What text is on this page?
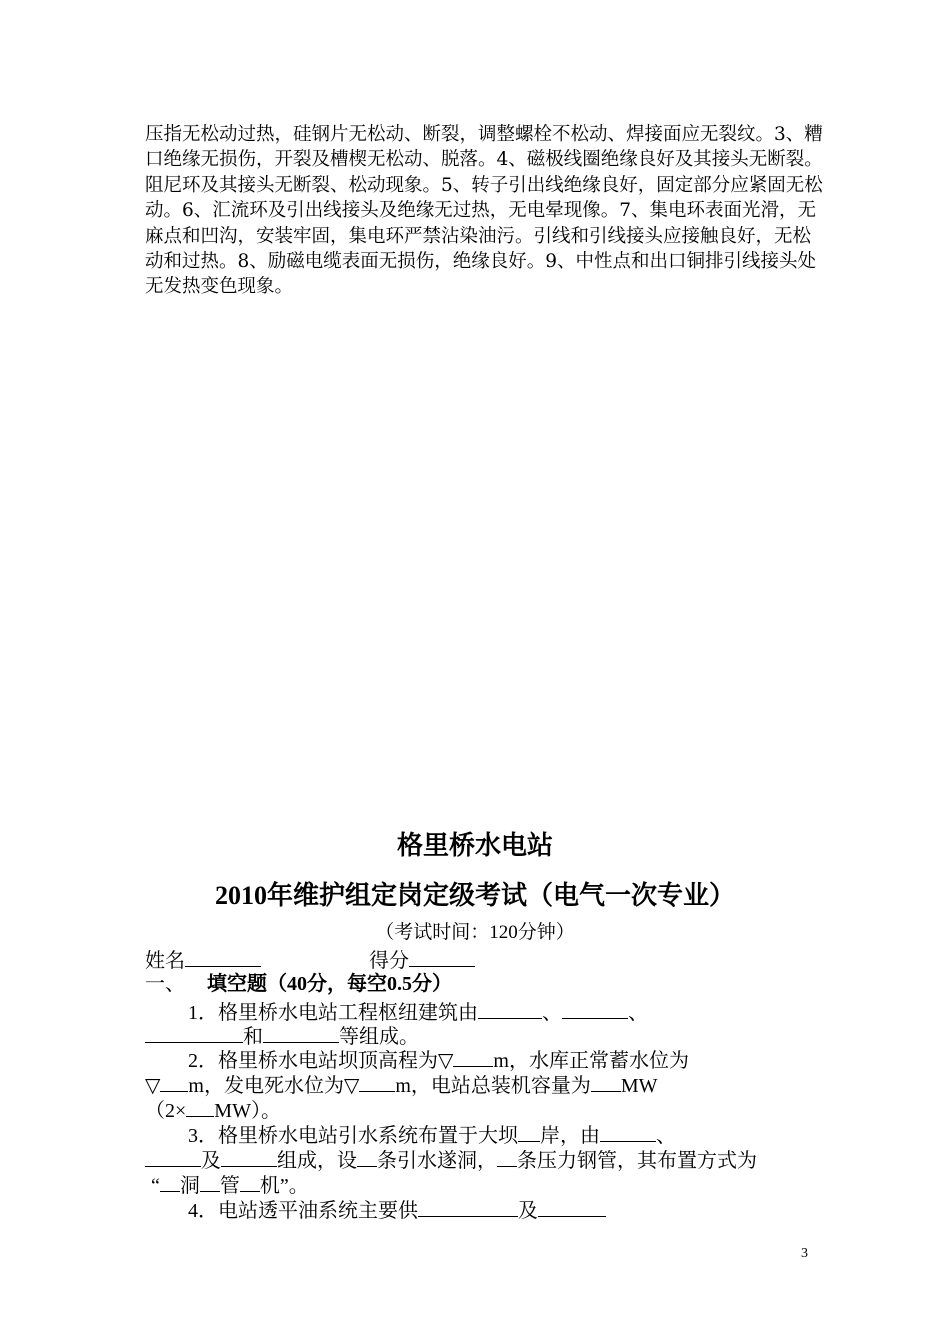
压指无松动过热，硅钢片无松动、断裂，调整螺栓不松动、焊接面应无裂纹。3、糟口绝缘无损伤，开裂及槽楔无松动、脱落。4、磁极线圈绝缘良好及其接头无断裂。阻尼环及其接头无断裂、松动现象。5、转子引出线绝缘良好，固定部分应紧固无松动。6、汇流环及引出线接头及绝缘无过热，无电晕现像。7、集电环表面光滑，无麻点和凹沟，安装牢固，集电环严禁沾染油污。引线和引线接头应接触良好，无松动和过热。8、励磁电缆表面无损伤，绝缘良好。9、中性点和出口铜排引线接头处无发热变色现象。

格里桥水电站
2010年维护组定岗定级考试（电气一次专业）
（考试时间：120分钟）
姓名	得分
一、 填空题（40分，每空0.5分）
1．格里桥水电站工程枢纽建筑由	、	、
和	等组成。
2．格里桥水电站坝顶高程为▽ m，水库正常蓄水位为
▽ m，发电死水位为▽ m，电站总装机容量为 MW
（2× MW）。
3．格里桥水电站引水系统布置于大坝 岸，由	、
及	组成，设 条引水遂洞， 条压力钢管，其布置方式为
“ 洞 管 机”。
4．电站透平油系统主要供	及
3
